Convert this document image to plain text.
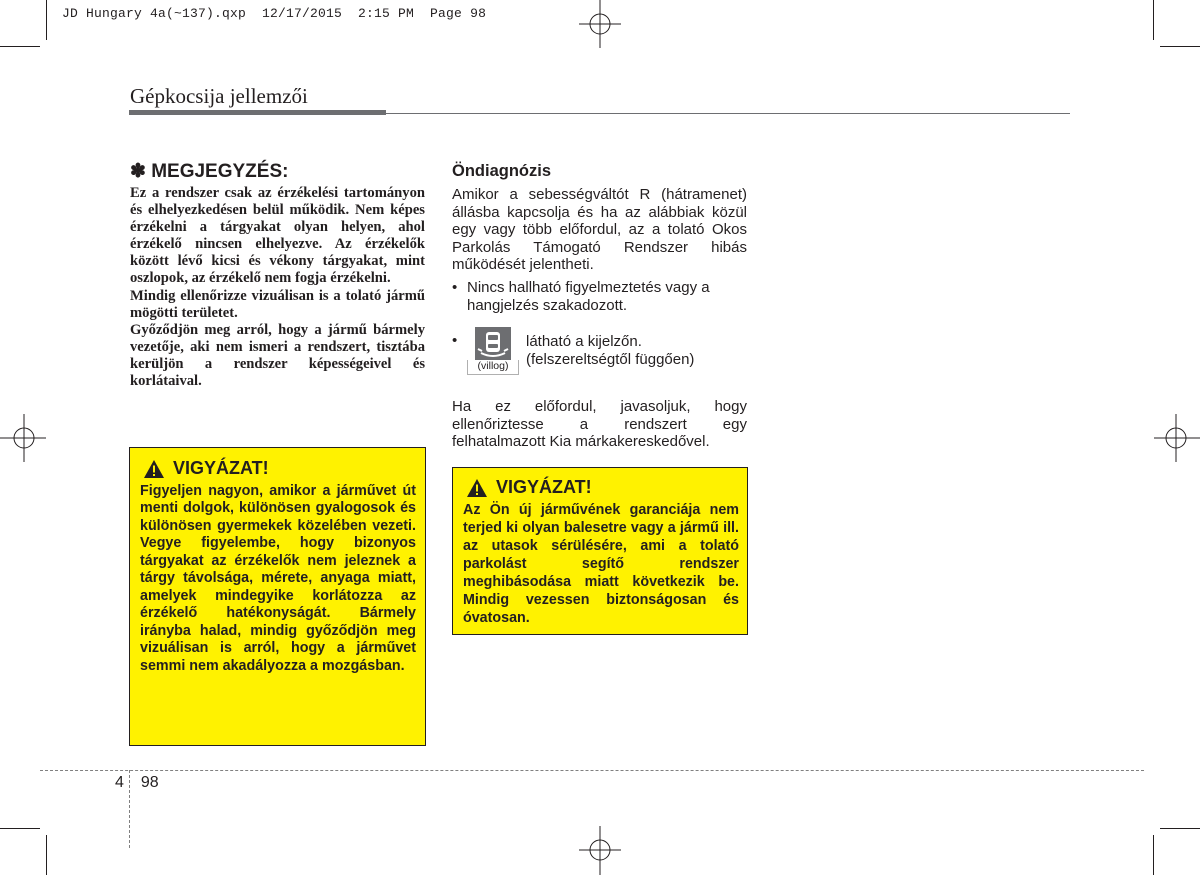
JD Hungary 4a(~137).qxp  12/17/2015  2:15 PM  Page 98
Gépkocsija jellemzői
✽ MEGJEGYZÉS:

Ez a rendszer csak az érzékelési tartományon és elhelyezkedésen belül működik. Nem képes érzékelni a tárgyakat olyan helyen, ahol érzékelő nincsen elhelyezve. Az érzékelők között lévő kicsi és vékony tárgyakat, mint oszlopok, az érzékelő nem fogja érzékelni.

Mindig ellenőrizze vizuálisan is a tolató jármű mögötti területet.

Győződjön meg arról, hogy a jármű bármely vezetője, aki nem ismeri a rendszert, tisztába kerüljön a rendszer képességeivel és korlátaival.

VIGYÁZAT!
Figyeljen nagyon, amikor a járművet út menti dolgok, különösen gyalogosok és különösen gyermekek közelében vezeti. Vegye figyelembe, hogy bizonyos tárgyakat az érzékelők nem jeleznek a tárgy távolsága, mérete, anyaga miatt, amelyek mindegyike korlátozza az érzékelő hatékonyságát. Bármely irányba halad, mindig győződjön meg vizuálisan is arról, hogy a járművet semmi nem akadályozza a mozgásban.
Öndiagnózis

Amikor a sebességváltót R (hátramenet) állásba kapcsolja és ha az alábbiak közül egy vagy több előfordul, az a tolató Okos Parkolás Támogató Rendszer hibás működését jelentheti.

• Nincs hallható figyelmeztetés vagy a hangjelzés szakadozott.
•
(villog)
látható a kijelzőn.
(felszereltségtől függően)

Ha ez előfordul, javasoljuk, hogy ellenőriztesse a rendszert egy felhatalmazott Kia márkakereskedővel.

VIGYÁZAT!
Az Ön új járművének garanciája nem terjed ki olyan balesetre vagy a jármű ill. az utasok sérülésére, ami a tolató parkolást segítő rendszer meghibásodása miatt következik be. Mindig vezessen biztonságosan és óvatosan.
4 98
